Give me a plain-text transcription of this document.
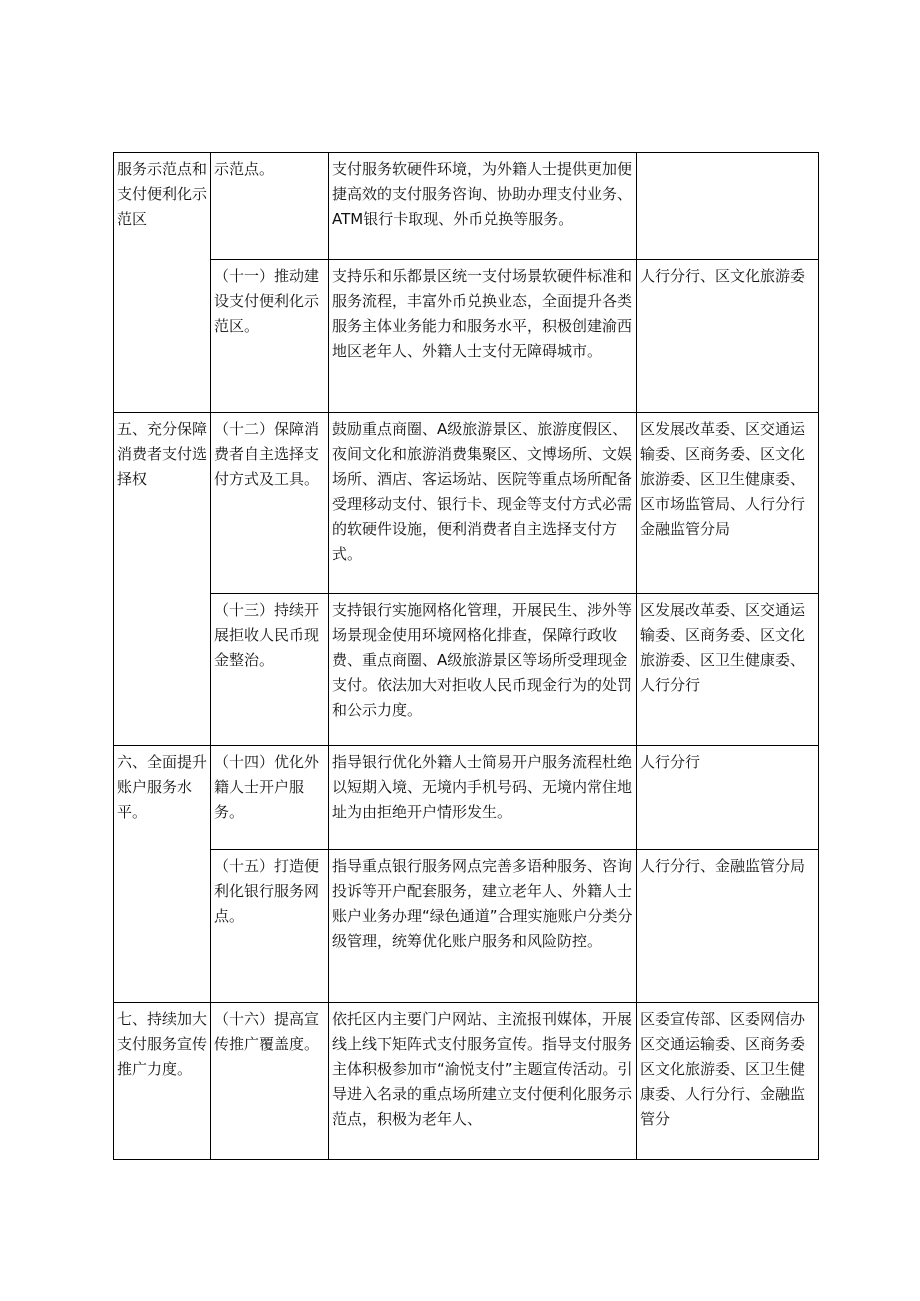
服务示范点和支付便利化示范区	示范点。	支付服务软硬件环境，为外籍人士提供更加便捷高效的支付服务咨询、协助办理支付业务、ATM银行卡取现、外币兑换等服务。	

	（十一）推动建设支付便利化示范区。	支持乐和乐都景区统一支付场景软硬件标准和服务流程，丰富外币兑换业态，全面提升各类服务主体业务能力和服务水平，积极创建渝西地区老年人、外籍人士支付无障碍城市。	人行分行、区文化旅游委

五、充分保障消费者支付选择权	（十二）保障消费者自主选择支付方式及工具。	鼓励重点商圈、A级旅游景区、旅游度假区、夜间文化和旅游消费集聚区、文博场所、文娱场所、酒店、客运场站、医院等重点场所配备受理移动支付、银行卡、现金等支付方式必需的软硬件设施，便利消费者自主选择支付方式。	区发展改革委、区交通运输委、区商务委、区文化旅游委、区卫生健康委、区市场监管局、人行分行金融监管分局

	（十三）持续开展拒收人民币现金整治。	支持银行实施网格化管理，开展民生、涉外等场景现金使用环境网格化排查，保障行政收费、重点商圈、A级旅游景区等场所受理现金支付。依法加大对拒收人民币现金行为的处罚和公示力度。	区发展改革委、区交通运输委、区商务委、区文化旅游委、区卫生健康委、人行分行

六、全面提升账户服务水平。	（十四）优化外籍人士开户服务。	指导银行优化外籍人士简易开户服务流程杜绝以短期入境、无境内手机号码、无境内常住地址为由拒绝开户情形发生。	人行分行

	（十五）打造便利化银行服务网点。	指导重点银行服务网点完善多语种服务、咨询投诉等开户配套服务，建立老年人、外籍人士账户业务办理“绿色通道”合理实施账户分类分级管理，统筹优化账户服务和风险防控。	人行分行、金融监管分局

七、持续加大支付服务宣传推广力度。	（十六）提高宣传推广覆盖度。	依托区内主要门户网站、主流报刊媒体，开展线上线下矩阵式支付服务宣传。指导支付服务主体积极参加市“渝悦支付”主题宣传活动。引导进入名录的重点场所建立支付便利化服务示范点，积极为老年人、	区委宣传部、区委网信办区交通运输委、区商务委区文化旅游委、区卫生健康委、人行分行、金融监管分
